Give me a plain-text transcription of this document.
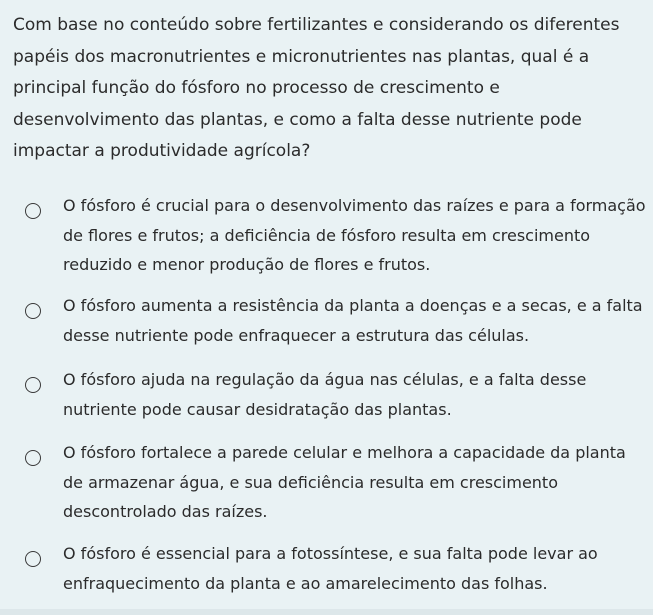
Com base no conteúdo sobre fertilizantes e considerando os diferentes papéis dos macronutrientes e micronutrientes nas plantas, qual é a principal função do fósforo no processo de crescimento e desenvolvimento das plantas, e como a falta desse nutriente pode impactar a produtividade agrícola?
O fósforo é crucial para o desenvolvimento das raízes e para a formação de flores e frutos; a deficiência de fósforo resulta em crescimento reduzido e menor produção de flores e frutos.
O fósforo aumenta a resistência da planta a doenças e a secas, e a falta desse nutriente pode enfraquecer a estrutura das células.
O fósforo ajuda na regulação da água nas células, e a falta desse nutriente pode causar desidratação das plantas.
O fósforo fortalece a parede celular e melhora a capacidade da planta de armazenar água, e sua deficiência resulta em crescimento descontrolado das raízes.
O fósforo é essencial para a fotossíntese, e sua falta pode levar ao enfraquecimento da planta e ao amarelecimento das folhas.
